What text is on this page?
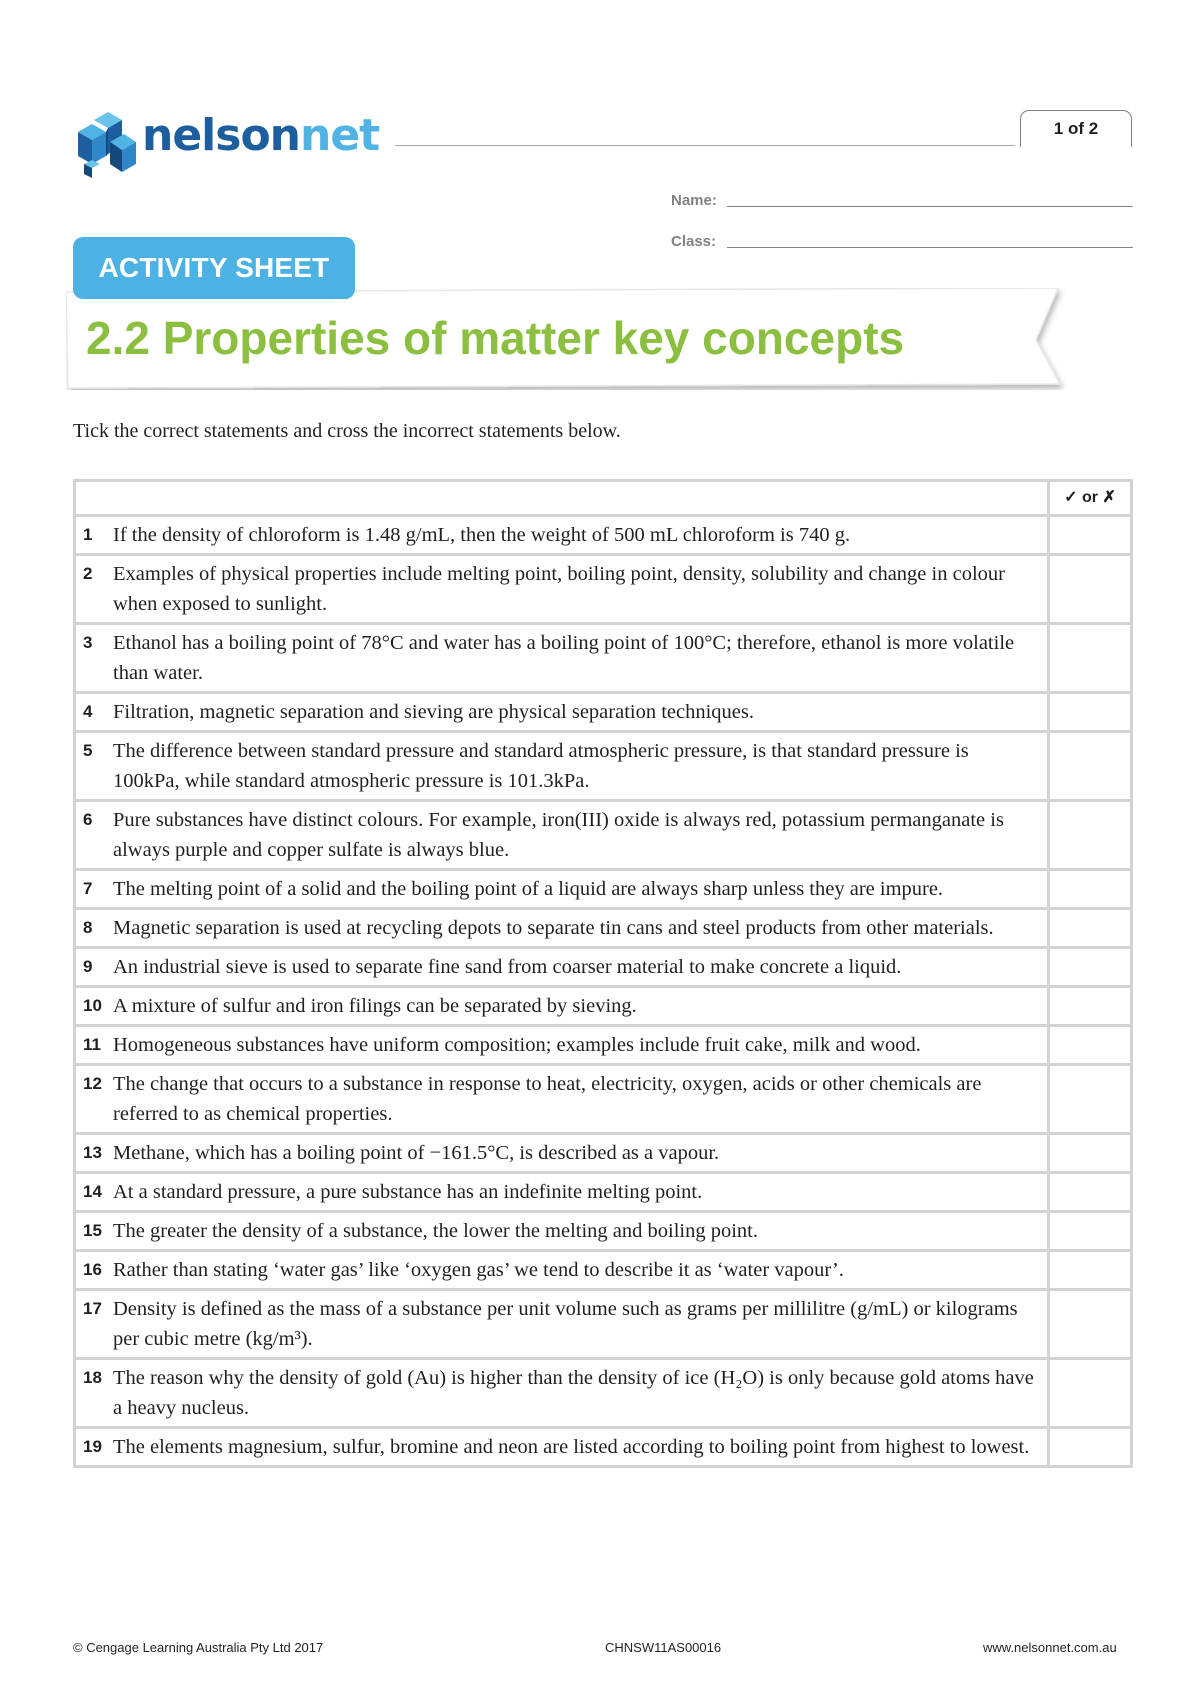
nelsonnet	1 of 2
Name:
Class:
ACTIVITY SHEET
2.2 Properties of matter key concepts
Tick the correct statements and cross the incorrect statements below.
	✓ or ✗

1 If the density of chloroform is 1.48 g/mL, then the weight of 500 mL chloroform is 740 g.	

2 Examples of physical properties include melting point, boiling point, density, solubility and change in colour when exposed to sunlight.	

3 Ethanol has a boiling point of 78°C and water has a boiling point of 100°C; therefore, ethanol is more volatile than water.	

4 Filtration, magnetic separation and sieving are physical separation techniques.	

5 The difference between standard pressure and standard atmospheric pressure, is that standard pressure is 100kPa, while standard atmospheric pressure is 101.3kPa.	

6 Pure substances have distinct colours. For example, iron(III) oxide is always red, potassium permanganate is always purple and copper sulfate is always blue.	

7 The melting point of a solid and the boiling point of a liquid are always sharp unless they are impure.	

8 Magnetic separation is used at recycling depots to separate tin cans and steel products from other materials.	

9 An industrial sieve is used to separate fine sand from coarser material to make concrete a liquid.	

10 A mixture of sulfur and iron filings can be separated by sieving.	

11 Homogeneous substances have uniform composition; examples include fruit cake, milk and wood.	

12 The change that occurs to a substance in response to heat, electricity, oxygen, acids or other chemicals are referred to as chemical properties.	

13 Methane, which has a boiling point of −161.5°C, is described as a vapour.	

14 At a standard pressure, a pure substance has an indefinite melting point.	

15 The greater the density of a substance, the lower the melting and boiling point.	

16 Rather than stating ‘water gas’ like ‘oxygen gas’ we tend to describe it as ‘water vapour’.	

17 Density is defined as the mass of a substance per unit volume such as grams per millilitre (g/mL) or kilograms per cubic metre (kg/m³).	

18 The reason why the density of gold (Au) is higher than the density of ice (H₂O) is only because gold atoms have a heavy nucleus.	

19 The elements magnesium, sulfur, bromine and neon are listed according to boiling point from highest to lowest.	

© Cengage Learning Australia Pty Ltd 2017	CHNSW11AS00016	www.nelsonnet.com.au
